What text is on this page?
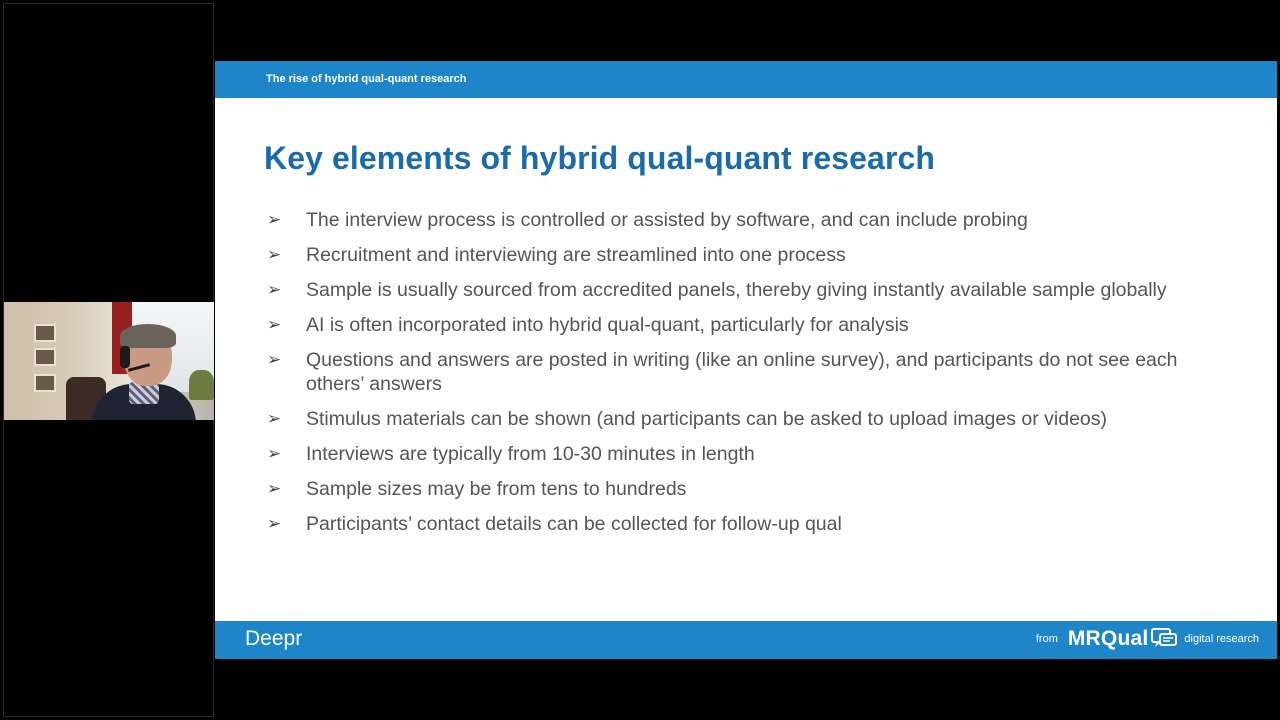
The rise of hybrid qual-quant research
Key elements of hybrid qual-quant research
➢ The interview process is controlled or assisted by software, and can include probing
➢ Recruitment and interviewing are streamlined into one process
➢ Sample is usually sourced from accredited panels, thereby giving instantly available sample globally
➢ AI is often incorporated into hybrid qual-quant, particularly for analysis
➢ Questions and answers are posted in writing (like an online survey), and participants do not see each others’ answers
➢ Stimulus materials can be shown (and participants can be asked to upload images or videos)
➢ Interviews are typically from 10-30 minutes in length
➢ Sample sizes may be from tens to hundreds
➢ Participants’ contact details can be collected for follow-up qual
Deepr	from MRQual	digital research
